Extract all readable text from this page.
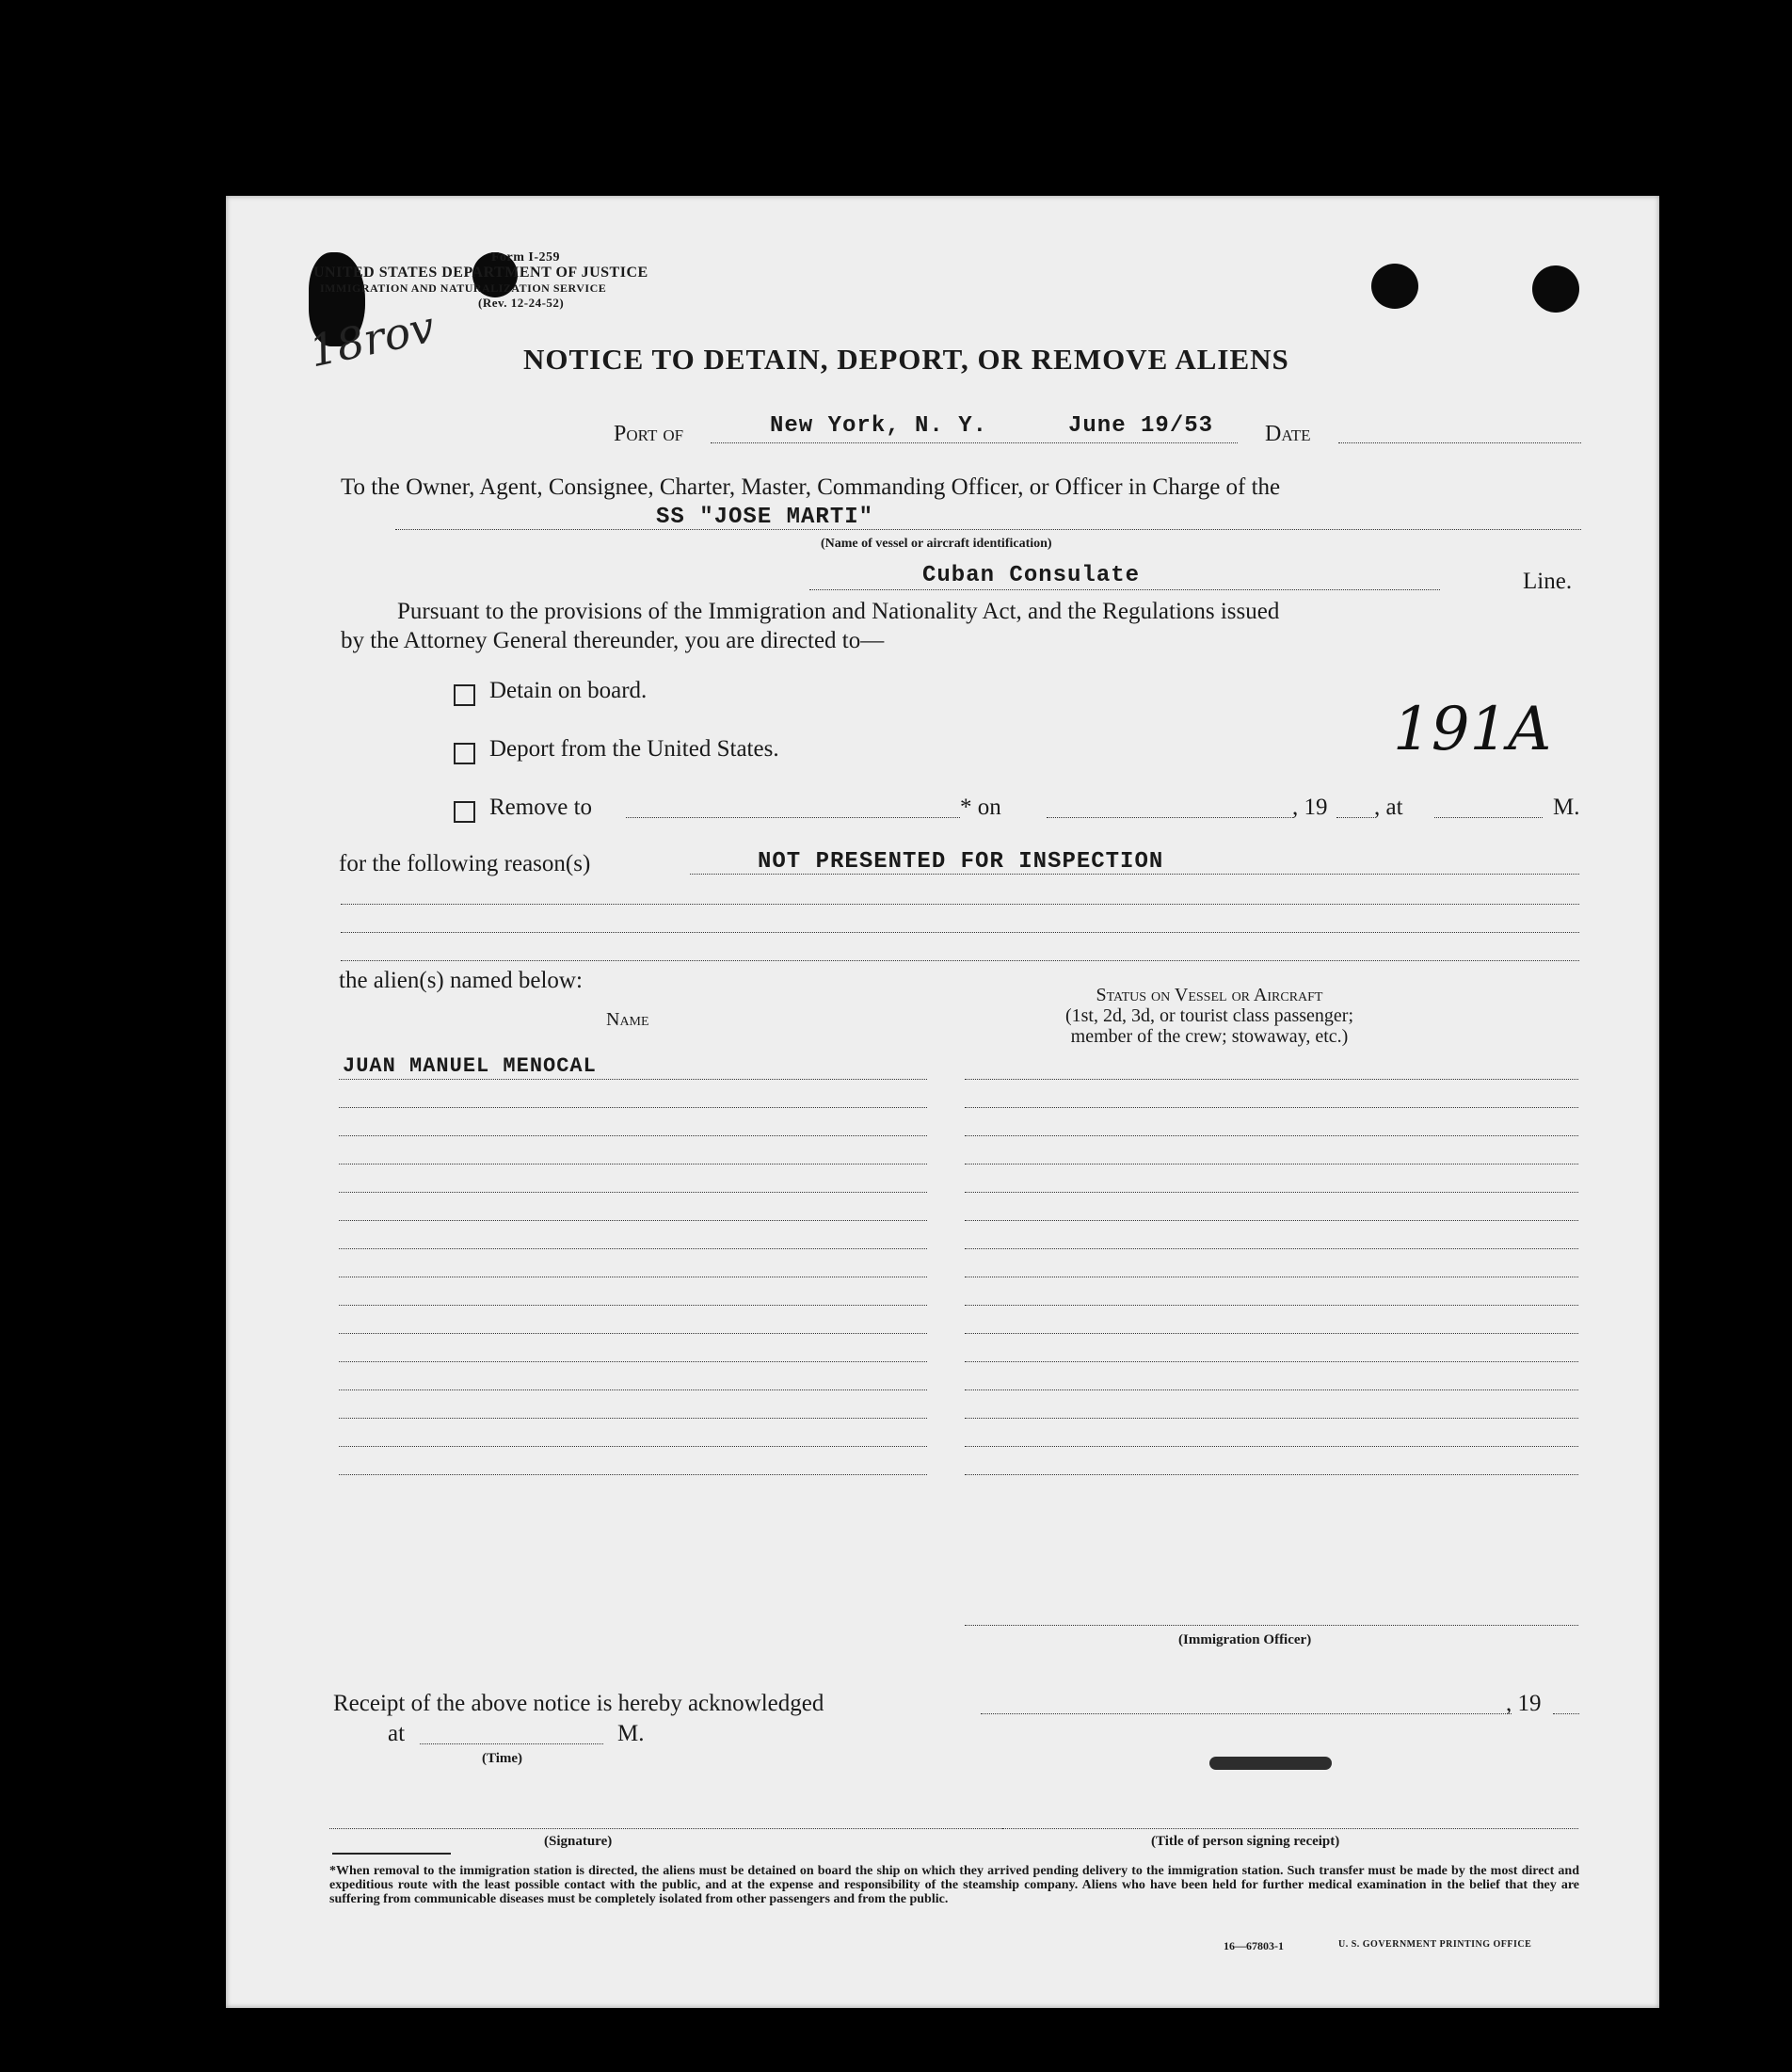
Form I-259
UNITED STATES DEPARTMENT OF JUSTICE
IMMIGRATION AND NATURALIZATION SERVICE
(Rev. 12-24-52)
18rov	NOTICE TO DETAIN, DEPORT, OR REMOVE ALIENS
Port of	New York, N. Y.	June 19/53 Date
To the Owner, Agent, Consignee, Charter, Master, Commanding Officer, or Officer in Charge of the
SS "JOSE MARTI"
(Name of vessel or aircraft identification)
Cuban Consulate	Line.
Pursuant to the provisions of the Immigration and Nationality Act, and the Regulations issued
by the Attorney General thereunder, you are directed to—
Detain on board.
Deport from the United States.	191A
Remove to	* on	, 19 , at	M.
for the following reason(s)	NOT PRESENTED FOR INSPECTION
the alien(s) named below:
Name
Status on Vessel or Aircraft
(1st, 2d, 3d, or tourist class passenger;
member of the crew; stowaway, etc.)
JUAN MANUEL MENOCAL
(Immigration Officer)
Receipt of the above notice is hereby acknowledged	, 19
at	M.
(Time)
(Signature)	(Title of person signing receipt)
*When removal to the immigration station is directed, the aliens must be detained on board the ship on which they arrived pending delivery to the immigration station. Such transfer must be made by the most direct and expeditious route with the least possible contact with the public, and at the expense and responsibility of the steamship company. Aliens who have been held for further medical examination in the belief that they are suffering from communicable diseases must be completely isolated from other passengers and from the public.
16—67803-1	U. S. GOVERNMENT PRINTING OFFICE
